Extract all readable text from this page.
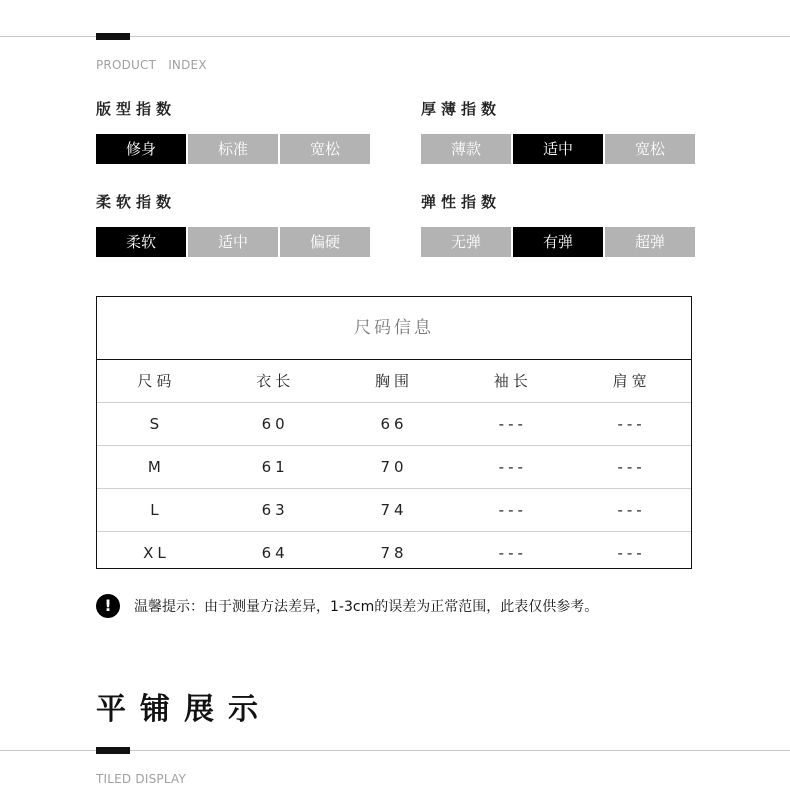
PRODUCT   INDEX
版型指数
修身	标准	宽松
厚薄指数
薄款	适中	宽松
柔软指数
柔软	适中	偏硬
弹性指数
无弹	有弹	超弹
尺码信息
尺码	衣长	胸围	袖长	肩宽
S	60	66	---	---
M	61	70	---	---
L	63	74	---	---
XL	64	78	---	---
!	温馨提示：由于测量方法差异，1-3cm的误差为正常范围，此表仅供参考。
平铺展示
TILED DISPLAY
